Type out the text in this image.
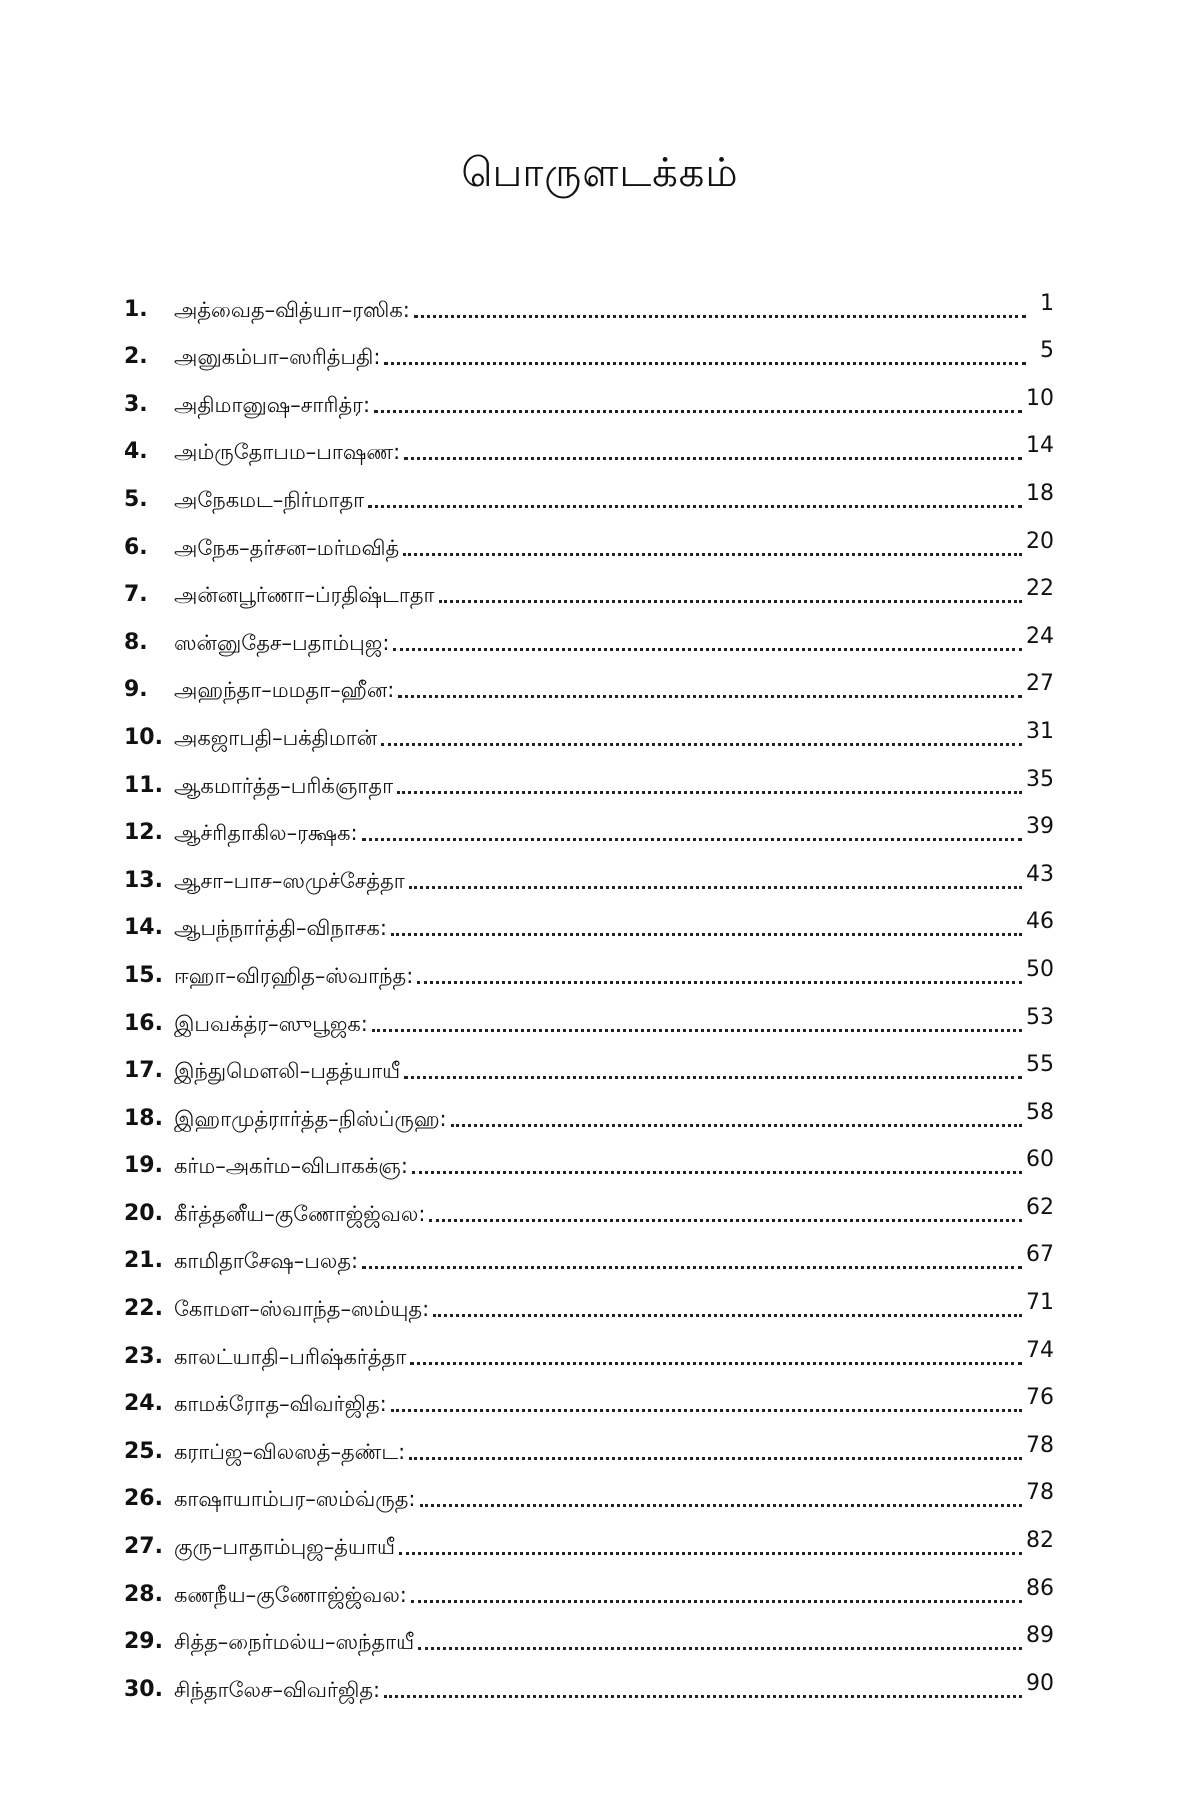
பொருளடக்கம்
1.	அத்வைத–வித்யா–ரஸிக:	1
2.	அனுகம்பா–ஸரித்பதி:	5
3.	அதிமானுஷ–சாரித்ர:	10
4.	அம்ருதோபம–பாஷண:	14
5.	அநேகமட–நிர்மாதா	18
6.	அநேக–தர்சன–மர்மவித்	20
7.	அன்னபூர்ணா–ப்ரதிஷ்டாதா	22
8.	ஸன்னுதேச–பதாம்புஜ:	24
9.	அஹந்தா–மமதா–ஹீன:	27
10. அகஜாபதி–பக்திமான்	31
11. ஆகமார்த்த–பரிக்ஞாதா	35
12. ஆச்ரிதாகில–ரக்ஷக:	39
13. ஆசா–பாச–ஸமுச்சேத்தா	43
14. ஆபந்நார்த்தி–விநாசக:	46
15. ஈஹா–விரஹித–ஸ்வாந்த:	50
16. இபவக்த்ர–ஸுபூஜக:	53
17. இந்துமௌலி–பதத்யாயீ	55
18. இஹாமுத்ரார்த்த–நிஸ்ப்ருஹ:	58
19. கர்ம–அகர்ம–விபாகக்ஞ:	60
20. கீர்த்தனீய–குணோஜ்ஜ்வல:	62
21. காமிதாசேஷ–பலத:	67
22. கோமள–ஸ்வாந்த–ஸம்யுத:	71
23. காலட்யாதி–பரிஷ்கர்த்தா	74
24. காமக்ரோத–விவர்ஜித:	76
25. கராப்ஜ–விலஸத்–தண்ட:	78
26. காஷாயாம்பர–ஸம்வ்ருத:	78
27. குரு–பாதாம்புஜ–த்யாயீ	82
28. கணநீய–குணோஜ்ஜ்வல:	86
29. சித்த–நைர்மல்ய–ஸந்தாயீ	89
30. சிந்தாலேச–விவர்ஜித:	90
